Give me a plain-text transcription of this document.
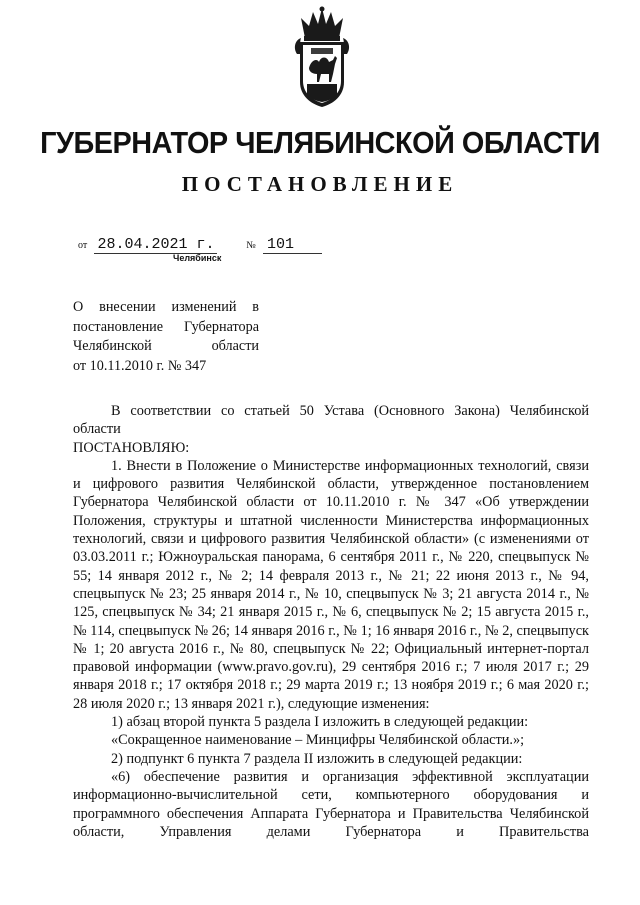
ГУБЕРНАТОР ЧЕЛЯБИНСКОЙ ОБЛАСТИ
ПОСТАНОВЛЕНИЕ
от 28.04.2021 г.	№ 101
Челябинск
О внесении изменений в
постановление Губернатора
Челябинской области
от 10.11.2010 г. № 347

В соответствии со статьей 50 Устава (Основного Закона) Челябинской области

ПОСТАНОВЛЯЮ:

1. Внести в Положение о Министерстве информационных технологий, связи и цифрового развития Челябинской области, утвержденное постановлением Губернатора Челябинской области от 10.11.2010 г. № 347 «Об утверждении Положения, структуры и штатной численности Министерства информационных технологий, связи и цифрового развития Челябинской области» (с изменениями от 03.03.2011 г.; Южноуральская панорама, 6 сентября 2011 г., № 220, спецвыпуск № 55; 14 января 2012 г., № 2; 14 февраля 2013 г., № 21; 22 июня 2013 г., № 94, спецвыпуск № 23; 25 января 2014 г., № 10, спецвыпуск № 3; 21 августа 2014 г., № 125, спецвыпуск № 34; 21 января 2015 г., № 6, спецвыпуск № 2; 15 августа 2015 г., № 114, спецвыпуск № 26; 14 января 2016 г., № 1; 16 января 2016 г., № 2, спецвыпуск № 1; 20 августа 2016 г., № 80, спецвыпуск № 22; Официальный интернет-портал правовой информации (www.pravo.gov.ru), 29 сентября 2016 г.; 7 июля 2017 г.; 29 января 2018 г.; 17 октября 2018 г.; 29 марта 2019 г.; 13 ноября 2019 г.; 6 мая 2020 г.; 28 июля 2020 г.; 13 января 2021 г.), следующие изменения:

1) абзац второй пункта 5 раздела I изложить в следующей редакции:

«Сокращенное наименование – Минцифры Челябинской области.»;

2) подпункт 6 пункта 7 раздела II изложить в следующей редакции:

«6) обеспечение развития и организация эффективной эксплуатации информационно-вычислительной сети, компьютерного оборудования и программного обеспечения Аппарата Губернатора и Правительства Челябинской области, Управления делами Губернатора и Правительства
